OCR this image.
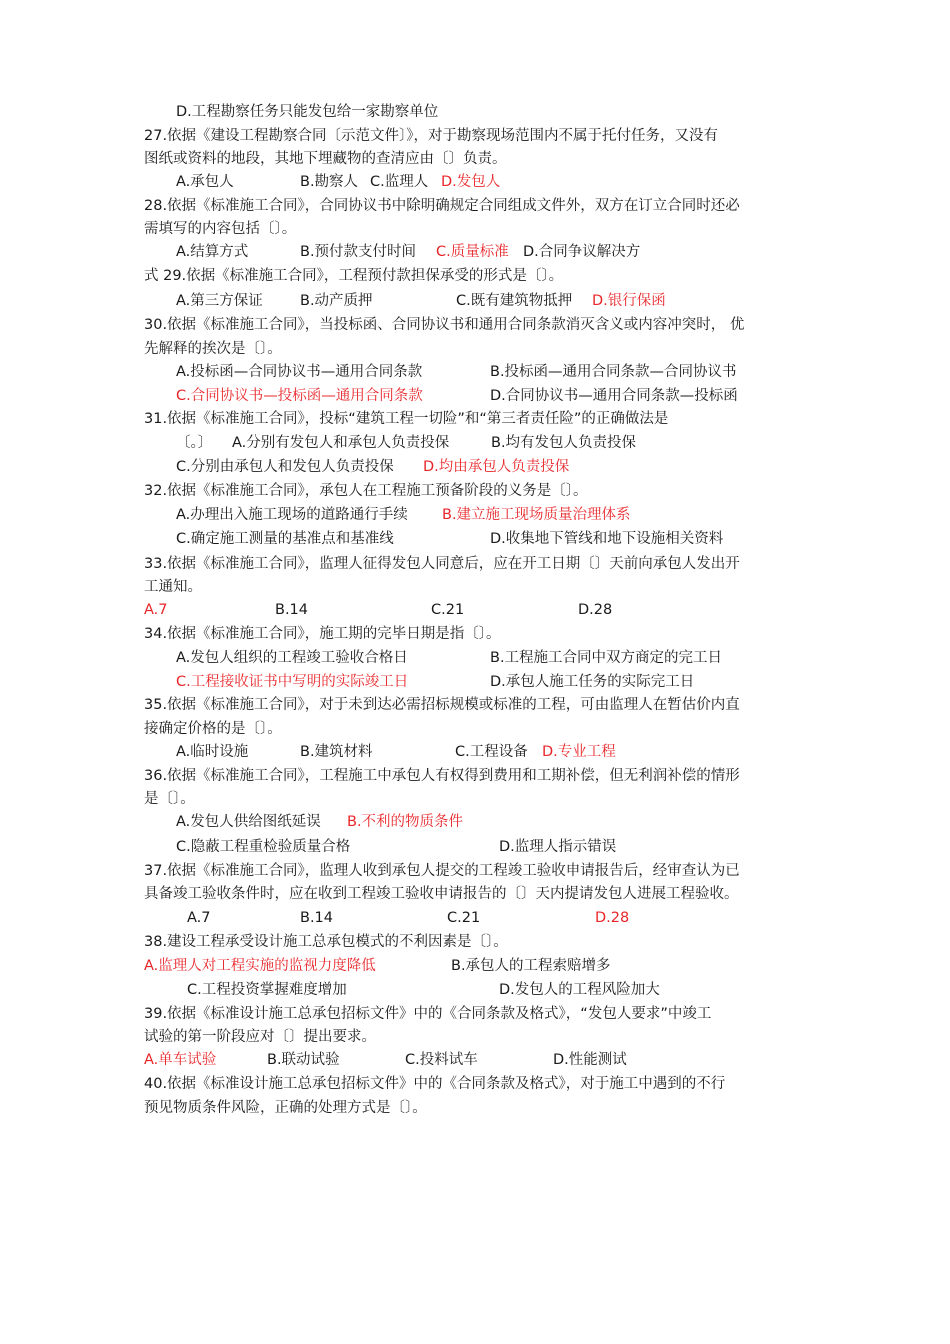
D.工程勘察任务只能发包给一家勘察单位
27.依据《建设工程勘察合同〔示范文件〕》，对于勘察现场范围内不属于托付任务，又没有
图纸或资料的地段，其地下埋藏物的查清应由〔〕负责。
A.承包人	B.勘察人 C.监理人 D.发包人
28.依据《标准施工合同》，合同协议书中除明确规定合同组成文件外，双方在订立合同时还必
需填写的内容包括〔〕。
A.结算方式	B.预付款支付时间 C.质量标准 D.合同争议解决方
式 29.依据《标准施工合同》，工程预付款担保承受的形式是〔〕。
A.第三方保证	B.动产质押	C.既有建筑物抵押 D.银行保函
30.依据《标准施工合同》，当投标函、合同协议书和通用合同条款消灭含义或内容冲突时， 优
先解释的挨次是〔〕。
A.投标函—合同协议书—通用合同条款	B.投标函—通用合同条款—合同协议书
C.合同协议书—投标函—通用合同条款	D.合同协议书—通用合同条款—投标函
31.依据《标准施工合同》，投标“建筑工程一切险”和“第三者责任险”的正确做法是
〔。〕 A.分别有发包人和承包人负责投保	B.均有发包人负责投保
C.分别由承包人和发包人负责投保 D.均由承包人负责投保
32.依据《标准施工合同》，承包人在工程施工预备阶段的义务是〔〕。
A.办理出入施工现场的道路通行手续 B.建立施工现场质量治理体系
C.确定施工测量的基准点和基准线	D.收集地下管线和地下设施相关资料
33.依据《标准施工合同》，监理人征得发包人同意后，应在开工日期〔〕天前向承包人发出开
工通知。
A.7	B.14	C.21	D.28
34.依据《标准施工合同》，施工期的完毕日期是指〔〕。
A.发包人组织的工程竣工验收合格日	B.工程施工合同中双方商定的完工日
C.工程接收证书中写明的实际竣工日	D.承包人施工任务的实际完工日
35.依据《标准施工合同》，对于未到达必需招标规模或标准的工程，可由监理人在暂估价内直
接确定价格的是〔〕。
A.临时设施	B.建筑材料	C.工程设备 D.专业工程
36.依据《标准施工合同》，工程施工中承包人有权得到费用和工期补偿，但无利润补偿的情形
是〔〕。
A.发包人供给图纸延误 B.不利的物质条件
C.隐蔽工程重检验质量合格	D.监理人指示错误
37.依据《标准施工合同》，监理人收到承包人提交的工程竣工验收申请报告后，经审查认为已
具备竣工验收条件时，应在收到工程竣工验收申请报告的〔〕天内提请发包人进展工程验收。
A.7	B.14	C.21	D.28
38.建设工程承受设计施工总承包模式的不利因素是〔〕。
A.监理人对工程实施的监视力度降低	B.承包人的工程索赔增多
C.工程投资掌握难度增加	D.发包人的工程风险加大
39.依据《标准设计施工总承包招标文件》中的《合同条款及格式》，“发包人要求”中竣工
试验的第一阶段应对〔〕提出要求。
A.单车试验	B.联动试验	C.投料试车	D.性能测试
40.依据《标准设计施工总承包招标文件》中的《合同条款及格式》，对于施工中遇到的不行
预见物质条件风险，正确的处理方式是〔〕。
